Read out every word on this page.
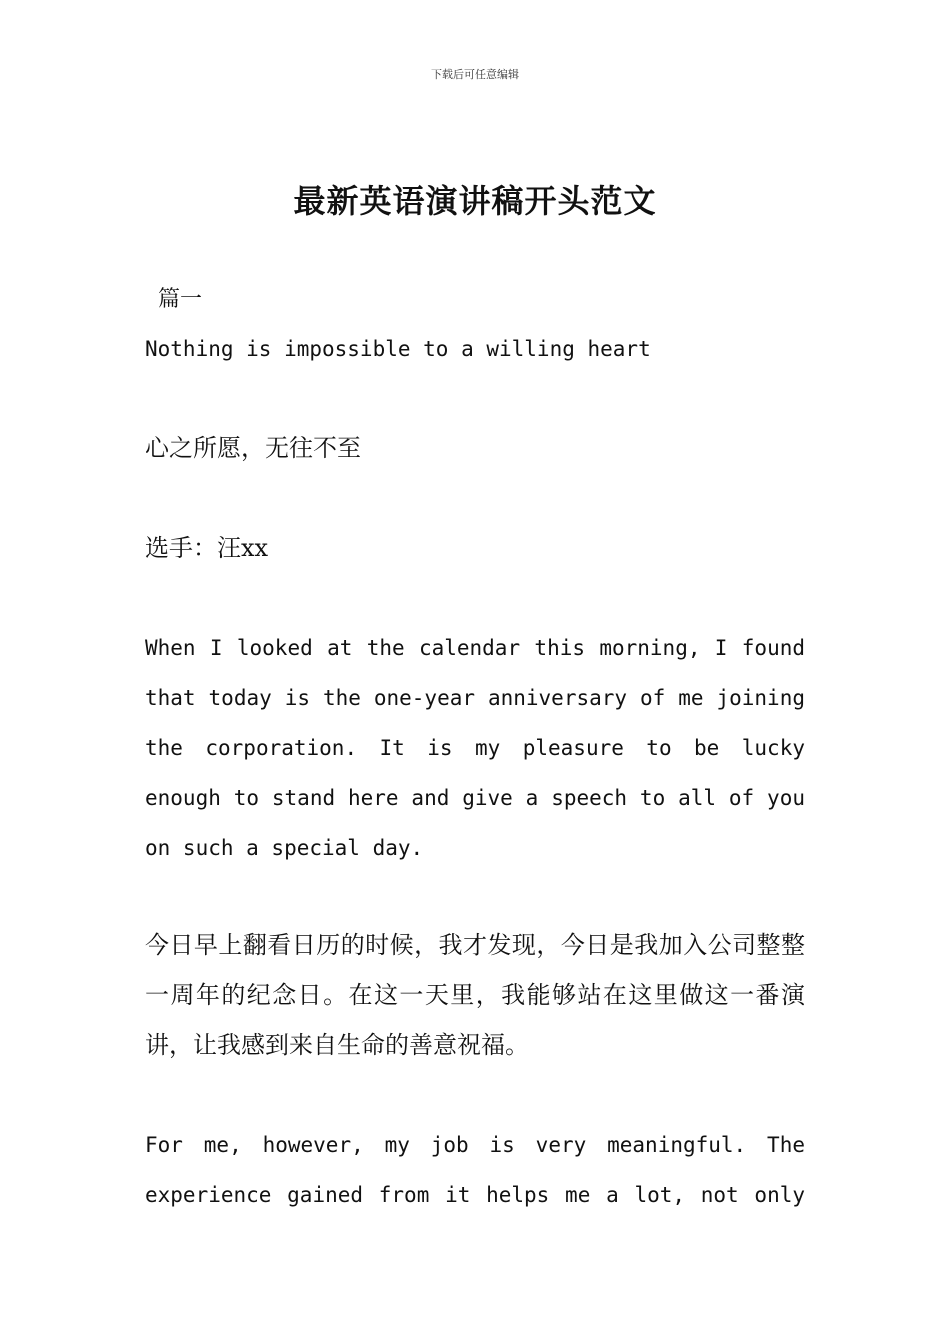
下载后可任意编辑
最新英语演讲稿开头范文
篇一
Nothing is impossible to a willing heart
心之所愿，无往不至
选手：汪xx
When I looked at the calendar this morning, I found that today is the one-year anniversary of me joining the corporation. It is my pleasure to be lucky enough to stand here and give a speech to all of you on such a special day.
今日早上翻看日历的时候，我才发现，今日是我加入公司整整一周年的纪念日。在这一天里，我能够站在这里做这一番演讲，让我感到来自生命的善意祝福。
For me, however, my job is very meaningful. The experience gained from it helps me a lot, not only
